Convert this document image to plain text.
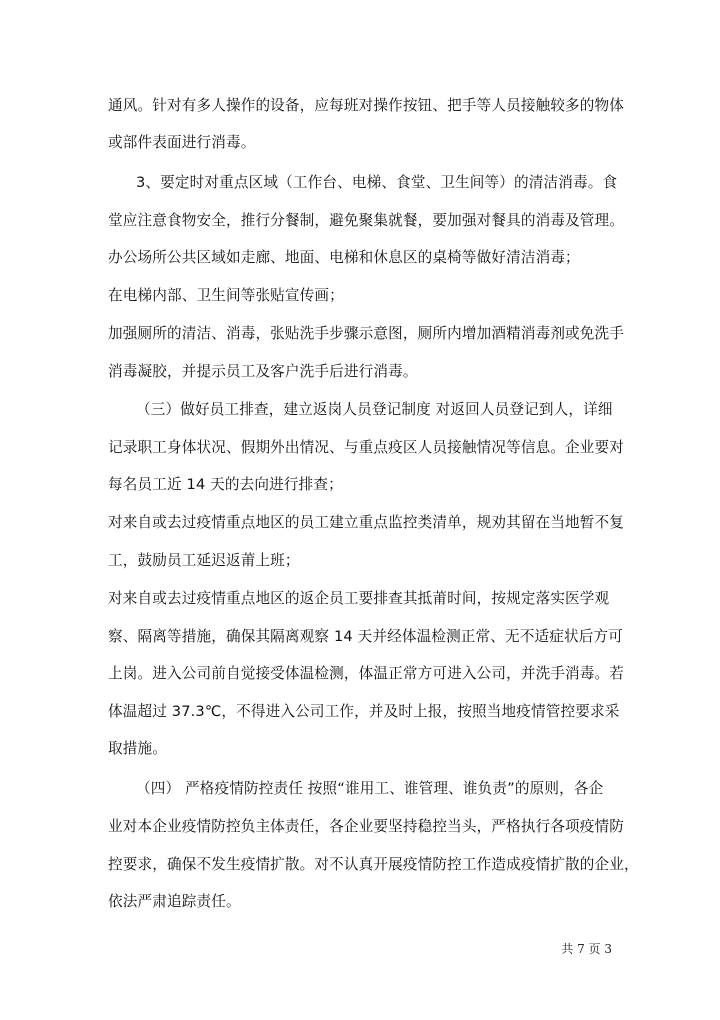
通风。针对有多人操作的设备，应每班对操作按钮、把手等人员接触较多的物体
或部件表面进行消毒。
3、要定时对重点区域（工作台、电梯、食堂、卫生间等）的清洁消毒。食
堂应注意食物安全，推行分餐制，避免聚集就餐，要加强对餐具的消毒及管理。
办公场所公共区域如走廊、地面、电梯和休息区的桌椅等做好清洁消毒；
在电梯内部、卫生间等张贴宣传画；
加强厕所的清洁、消毒，张贴洗手步骤示意图，厕所内增加酒精消毒剂或免洗手
消毒凝胶，并提示员工及客户洗手后进行消毒。
（三）做好员工排查，建立返岗人员登记制度 对返回人员登记到人，详细
记录职工身体状况、假期外出情况、与重点疫区人员接触情况等信息。企业要对
每名员工近 14 天的去向进行排查；
对来自或去过疫情重点地区的员工建立重点监控类清单，规劝其留在当地暂不复
工，鼓励员工延迟返莆上班；
对来自或去过疫情重点地区的返企员工要排查其抵莆时间，按规定落实医学观
察、隔离等措施，确保其隔离观察 14 天并经体温检测正常、无不适症状后方可
上岗。进入公司前自觉接受体温检测，体温正常方可进入公司，并洗手消毒。若
体温超过 37.3℃，不得进入公司工作，并及时上报，按照当地疫情管控要求采
取措施。
（四） 严格疫情防控责任 按照“谁用工、谁管理、谁负责”的原则，各企
业对本企业疫情防控负主体责任，各企业要坚持稳控当头，严格执行各项疫情防
控要求，确保不发生疫情扩散。对不认真开展疫情防控工作造成疫情扩散的企业，
依法严肃追踪责任。
共 7 页 3
